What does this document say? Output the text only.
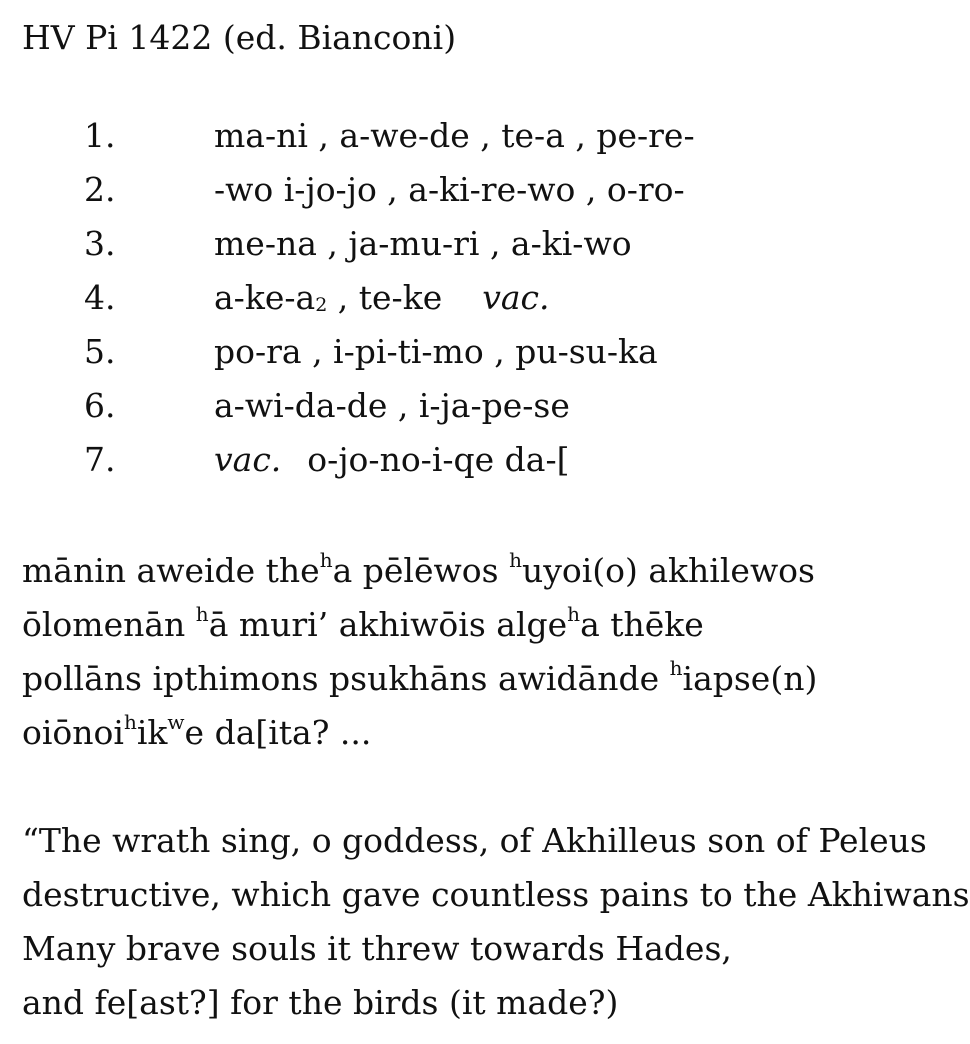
HV Pi 1422 (ed. Bianconi)
1.	ma-ni , a-we-de , te-a , pe-re-
2.	-wo i-jo-jo , a-ki-re-wo , o-ro-
3.	me-na , ja-mu-ri , a-ki-wo
4.	$a-ke-a_2$ , te-ke vac.
5.	po-ra , i-pi-ti-mo , pu-su-ka
6.	a-wi-da-de , i-ja-pe-se
7.	vac. o-jo-no-i-qe da-[
mānin aweide the$^h$a pēlēwos $^h$uyoi(o) akhilewos
ōlomenān $^h$ā muri’ akhiwōis alge$^h$a thēke
pollāns ipthimons psukhāns awidānde $^h$iapse(n)
$oiōnoi^hik^we$ da[ita? ...
“The wrath sing, o goddess, of Akhilleus son of Peleus
destructive, which gave countless pains to the Akhiwans
Many brave souls it threw towards Hades,
and fe[ast?] for the birds (it made?)
